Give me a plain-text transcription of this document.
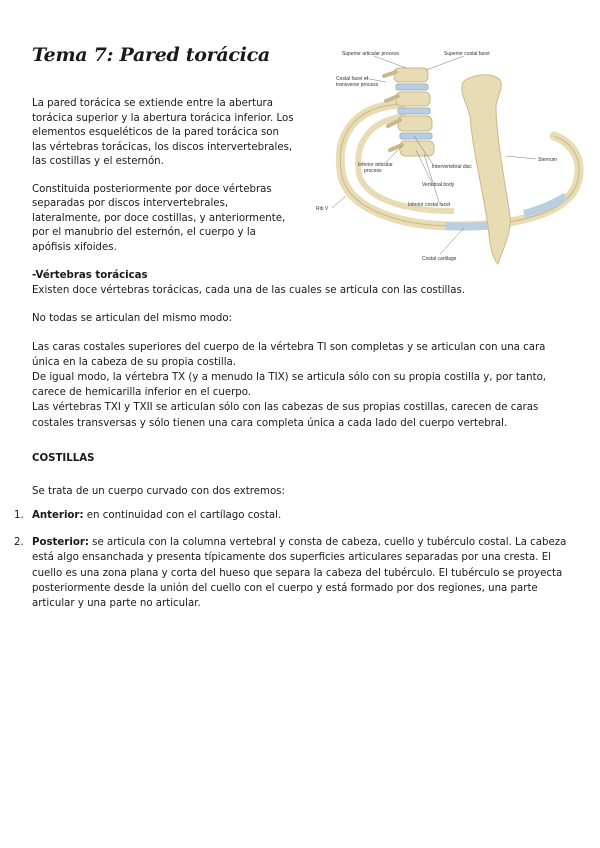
Tema 7: Pared torácica

La pared torácica se extiende entre la abertura torácica superior y la abertura torácica inferior. Los elementos esqueléticos de la pared torácica son las vértebras torácicas, los discos intervertebrales, las costillas y el esternón.

Constituida posteriormente por doce vértebras separadas por discos intervertebrales, lateralmente, por doce costillas, y anteriormente, por el manubrio del esternón, el cuerpo y la apófisis xifoides.

Superior articular process	Superior costal facet
Costal facet of
transverse process
Inferior articular
process
Intervertebral disc
Sternum
Vertebral body
Inferior costal facet
Rib V
Costal cartilage

-Vértebras torácicas

Existen doce vértebras torácicas, cada una de las cuales se articula con las costillas.

No todas se articulan del mismo modo:

Las caras costales superiores del cuerpo de la vértebra TI son completas y se articulan con una cara única en la cabeza de su propia costilla.

De igual modo, la vértebra TX (y a menudo la TIX) se articula sólo con su propia costilla y, por tanto, carece de hemicarilla inferior en el cuerpo.

Las vértebras TXI y TXII se articulan sólo con las cabezas de sus propias costillas, carecen de caras costales transversas y sólo tienen una cara completa única a cada lado del cuerpo vertebral.

COSTILLAS

Se trata de un cuerpo curvado con dos extremos:

1. Anterior: en continuidad con el cartílago costal.
2. Posterior: se articula con la columna vertebral y consta de cabeza, cuello y tubérculo costal. La cabeza está algo ensanchada y presenta típicamente dos superficies articulares separadas por una cresta. El cuello es una zona plana y corta del hueso que separa la cabeza del tubérculo. El tubérculo se proyecta posteriormente desde la unión del cuello con el cuerpo y está formado por dos regiones, una parte articular y una parte no articular.
